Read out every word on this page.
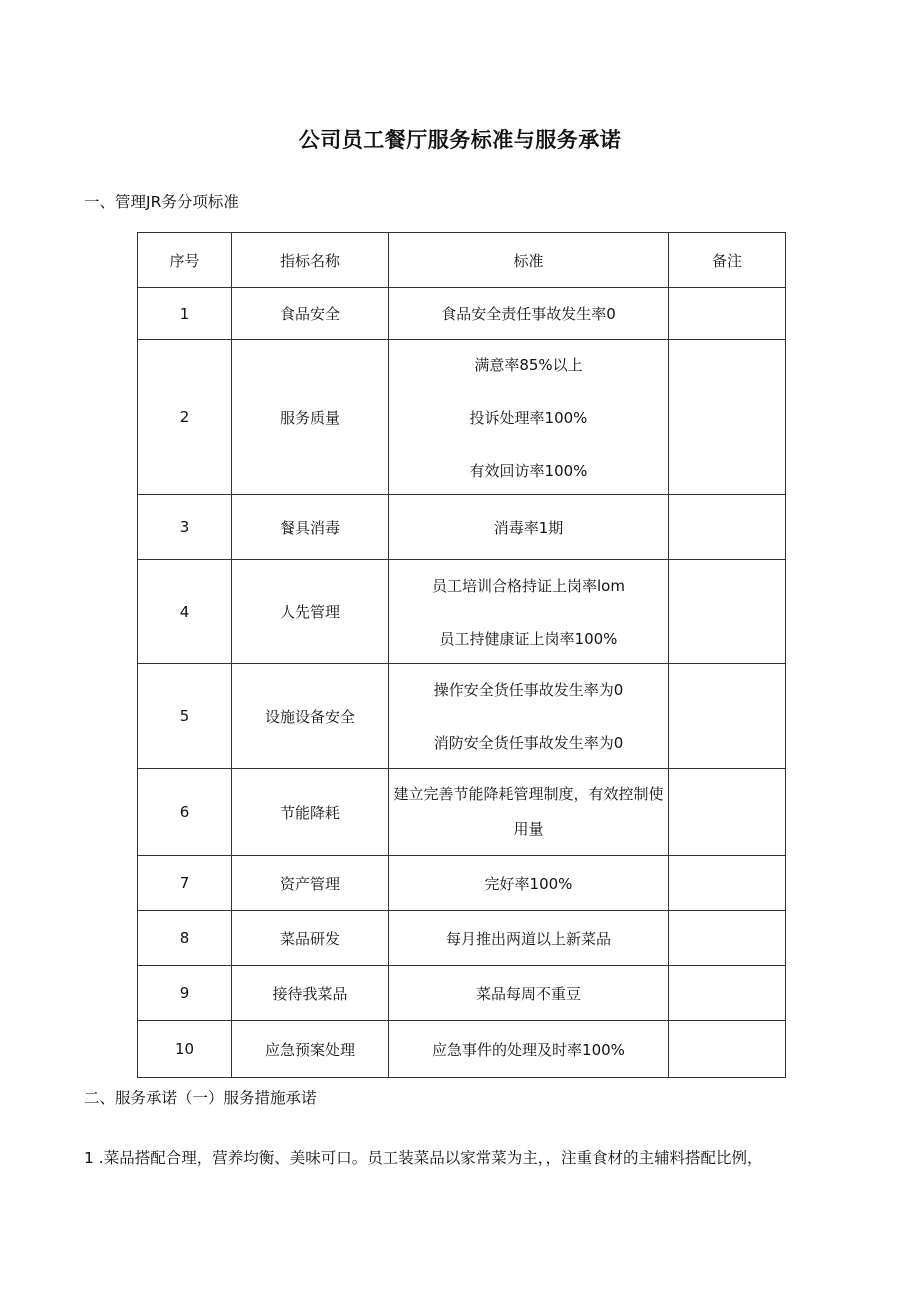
公司员工餐厅服务标准与服务承诺
一、管理JR务分项标准
序号	指标名称	标准	备注
1	食品安全	食品安全责任事故发生率0	

2	服务质量	满意率85%以上
投诉处理率100%
有效回访率100%	

3	餐具消毒	消毒率1期	

4	人先管理	员工培训合格持证上岗率lom
员工持健康证上岗率100%	

5	设施设备安全	操作安全货任事故发生率为0
消防安全货任事故发生率为0	

6	节能降耗	建立完善节能降耗管理制度，有效控制使用量	
7	资产管理	完好率100%	

8	菜品研发	每月推出两道以上新菜品	

9	接待我菜品	菜品每周不重豆	

10	应急预案处理	应急事件的处理及时率100%	

二、服务承诺（一）服务措施承诺
1 .菜品搭配合理，营养均衡、美味可口。员工装菜品以家常菜为主，，注重食材的主辅料搭配比例，
